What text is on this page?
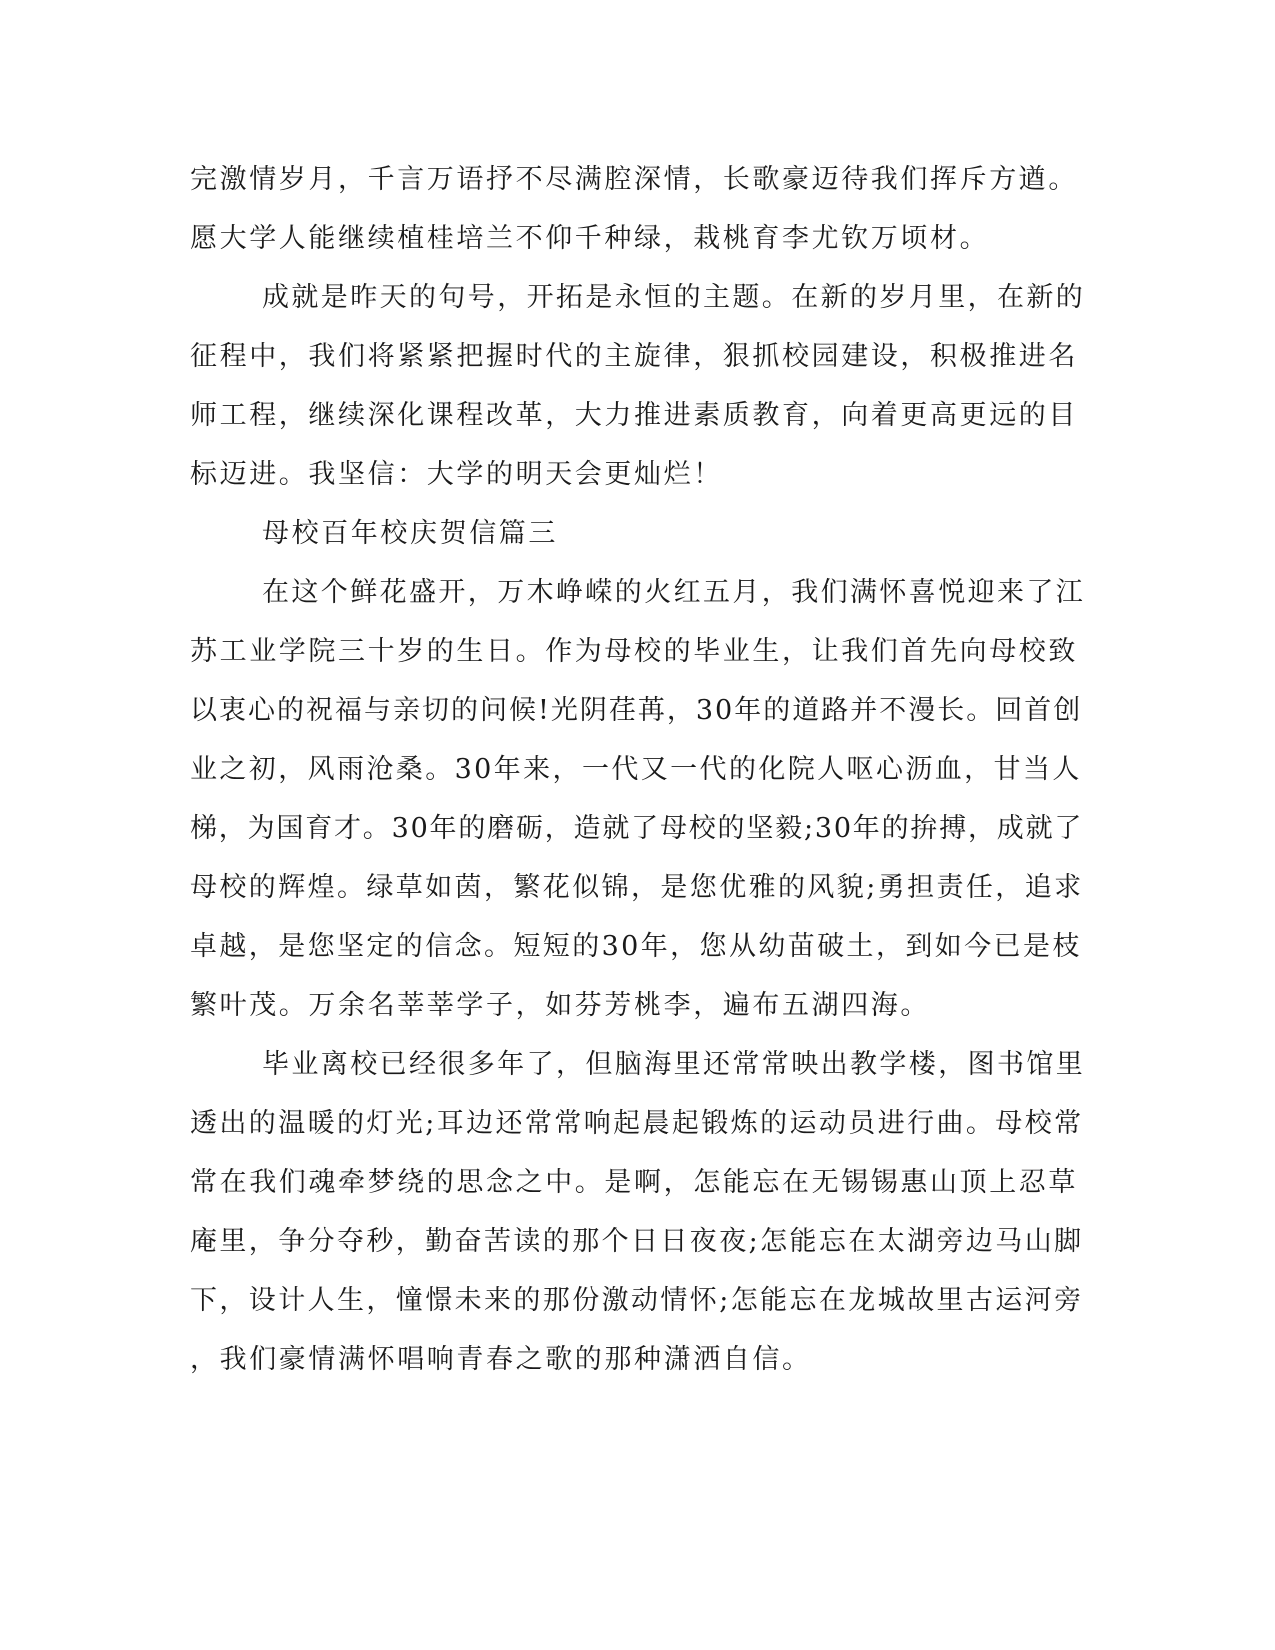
完激情岁月，千言万语抒不尽满腔深情，长歌豪迈待我们挥斥方遒。
愿大学人能继续植桂培兰不仰千种绿，栽桃育李尤钦万顷材。
成就是昨天的句号，开拓是永恒的主题。在新的岁月里，在新的
征程中，我们将紧紧把握时代的主旋律，狠抓校园建设，积极推进名
师工程，继续深化课程改革，大力推进素质教育，向着更高更远的目
标迈进。我坚信：大学的明天会更灿烂！
母校百年校庆贺信篇三
在这个鲜花盛开，万木峥嵘的火红五月，我们满怀喜悦迎来了江
苏工业学院三十岁的生日。作为母校的毕业生，让我们首先向母校致
以衷心的祝福与亲切的问候!光阴荏苒，30年的道路并不漫长。回首创
业之初，风雨沧桑。30年来，一代又一代的化院人呕心沥血，甘当人
梯，为国育才。30年的磨砺，造就了母校的坚毅;30年的拚搏，成就了
母校的辉煌。绿草如茵，繁花似锦，是您优雅的风貌;勇担责任，追求
卓越，是您坚定的信念。短短的30年，您从幼苗破土，到如今已是枝
繁叶茂。万余名莘莘学子，如芬芳桃李，遍布五湖四海。
毕业离校已经很多年了，但脑海里还常常映出教学楼，图书馆里
透出的温暖的灯光;耳边还常常响起晨起锻炼的运动员进行曲。母校常
常在我们魂牵梦绕的思念之中。是啊，怎能忘在无锡锡惠山顶上忍草
庵里，争分夺秒，勤奋苦读的那个日日夜夜;怎能忘在太湖旁边马山脚
下，设计人生，憧憬未来的那份激动情怀;怎能忘在龙城故里古运河旁
，我们豪情满怀唱响青春之歌的那种潇洒自信。
